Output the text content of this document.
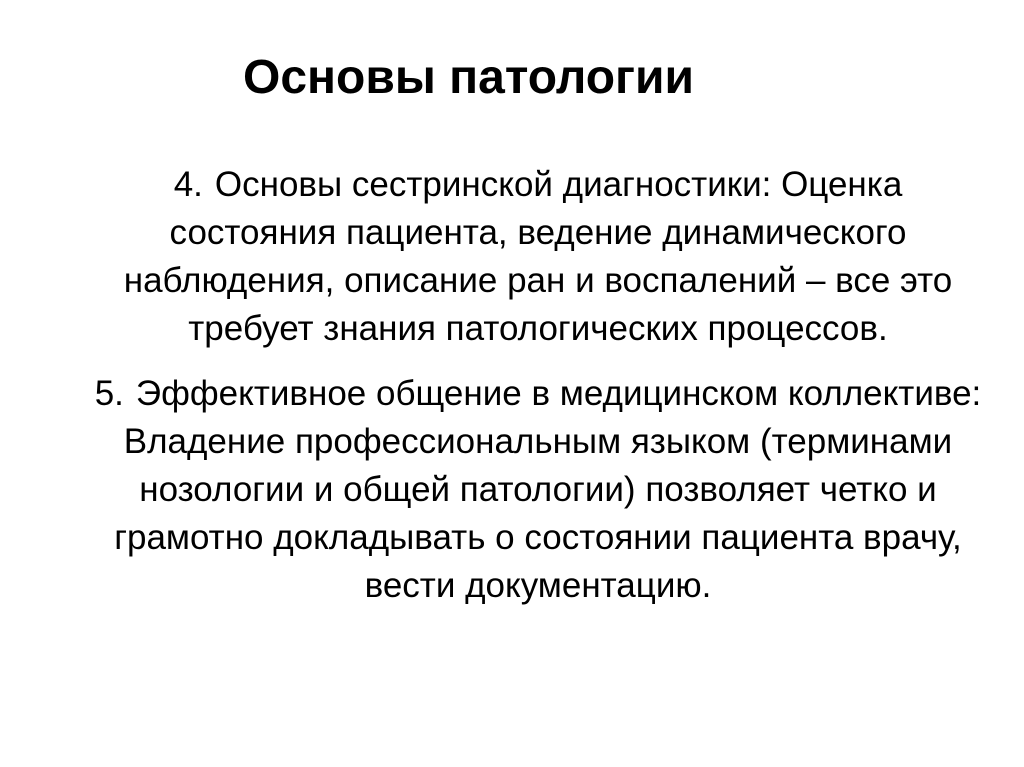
Основы патологии
4. Основы сестринской диагностики: Оценка состояния пациента, ведение динамического наблюдения, описание ран и воспалений – все это требует знания патологических процессов.
5. Эффективное общение в медицинском коллективе: Владение профессиональным языком (терминами нозологии и общей патологии) позволяет четко и грамотно докладывать о состоянии пациента врачу, вести документацию.
